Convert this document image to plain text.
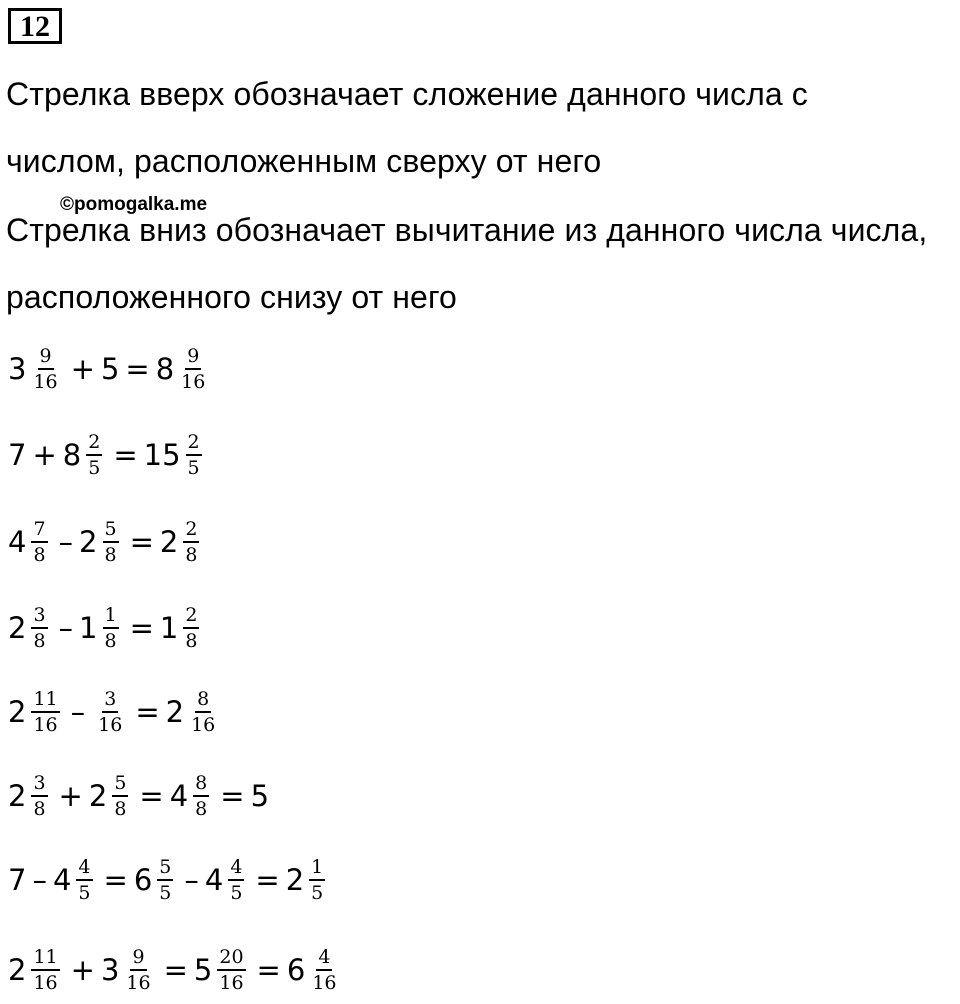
12
Стрелка вверх обозначает сложение данного числа с
числом, расположенным сверху от него
©pomogalka.me
Стрелка вниз обозначает вычитание из данного числа числа,
расположенного снизу от него
$3 \frac{9}{16} + 5 = 8 \frac{9}{16}$
$7 + 8 \frac{2}{5} = 15 \frac{2}{5}$
$4 \frac{7}{8} - 2 \frac{5}{8} = 2 \frac{2}{8}$
$2 \frac{3}{8} - 1 \frac{1}{8} = 1 \frac{2}{8}$
$2 \frac{11}{16} - \frac{3}{16} = 2 \frac{8}{16}$
$2 \frac{3}{8} + 2 \frac{5}{8} = 4 \frac{8}{8} = 5$
$7 - 4 \frac{4}{5} = 6 \frac{5}{5} - 4 \frac{4}{5} = 2 \frac{1}{5}$
$2 \frac{11}{16} + 3 \frac{9}{16} = 5 \frac{20}{16} = 6 \frac{4}{16}$
